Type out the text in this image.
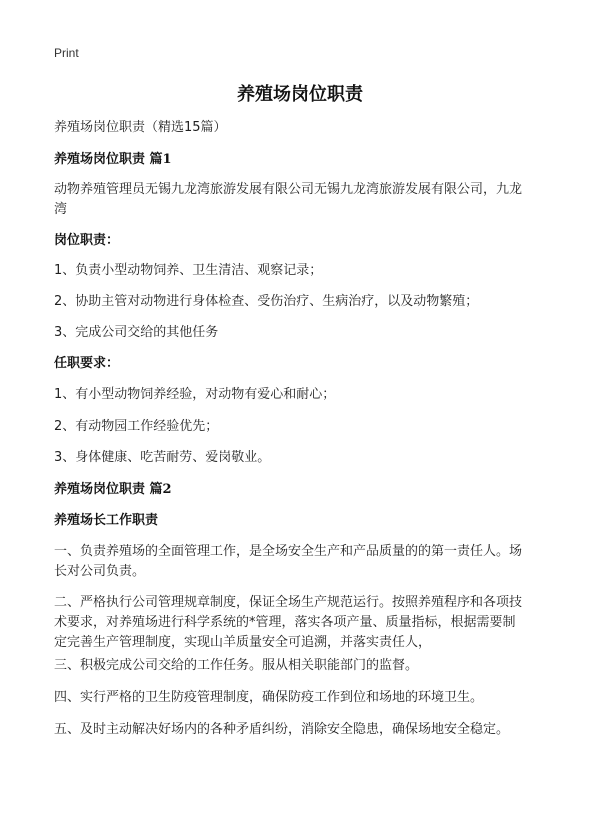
Print
养殖场岗位职责
养殖场岗位职责（精选15篇）
养殖场岗位职责 篇1
动物养殖管理员无锡九龙湾旅游发展有限公司无锡九龙湾旅游发展有限公司，九龙
湾
岗位职责：
1、负责小型动物饲养、卫生清洁、观察记录；
2、协助主管对动物进行身体检查、受伤治疗、生病治疗，以及动物繁殖；
3、完成公司交给的其他任务
任职要求：
1、有小型动物饲养经验，对动物有爱心和耐心；
2、有动物园工作经验优先；
3、身体健康、吃苦耐劳、爱岗敬业。
养殖场岗位职责 篇2
养殖场长工作职责
一、负责养殖场的全面管理工作，是全场安全生产和产品质量的的第一责任人。场
长对公司负责。
二、严格执行公司管理规章制度，保证全场生产规范运行。按照养殖程序和各项技
术要求，对养殖场进行科学系统的*管理，落实各项产量、质量指标，根据需要制
定完善生产管理制度，实现山羊质量安全可追溯，并落实责任人，
三、积极完成公司交给的工作任务。服从相关职能部门的监督。
四、实行严格的卫生防疫管理制度，确保防疫工作到位和场地的环境卫生。
五、及时主动解决好场内的各种矛盾纠纷，消除安全隐患，确保场地安全稳定。
